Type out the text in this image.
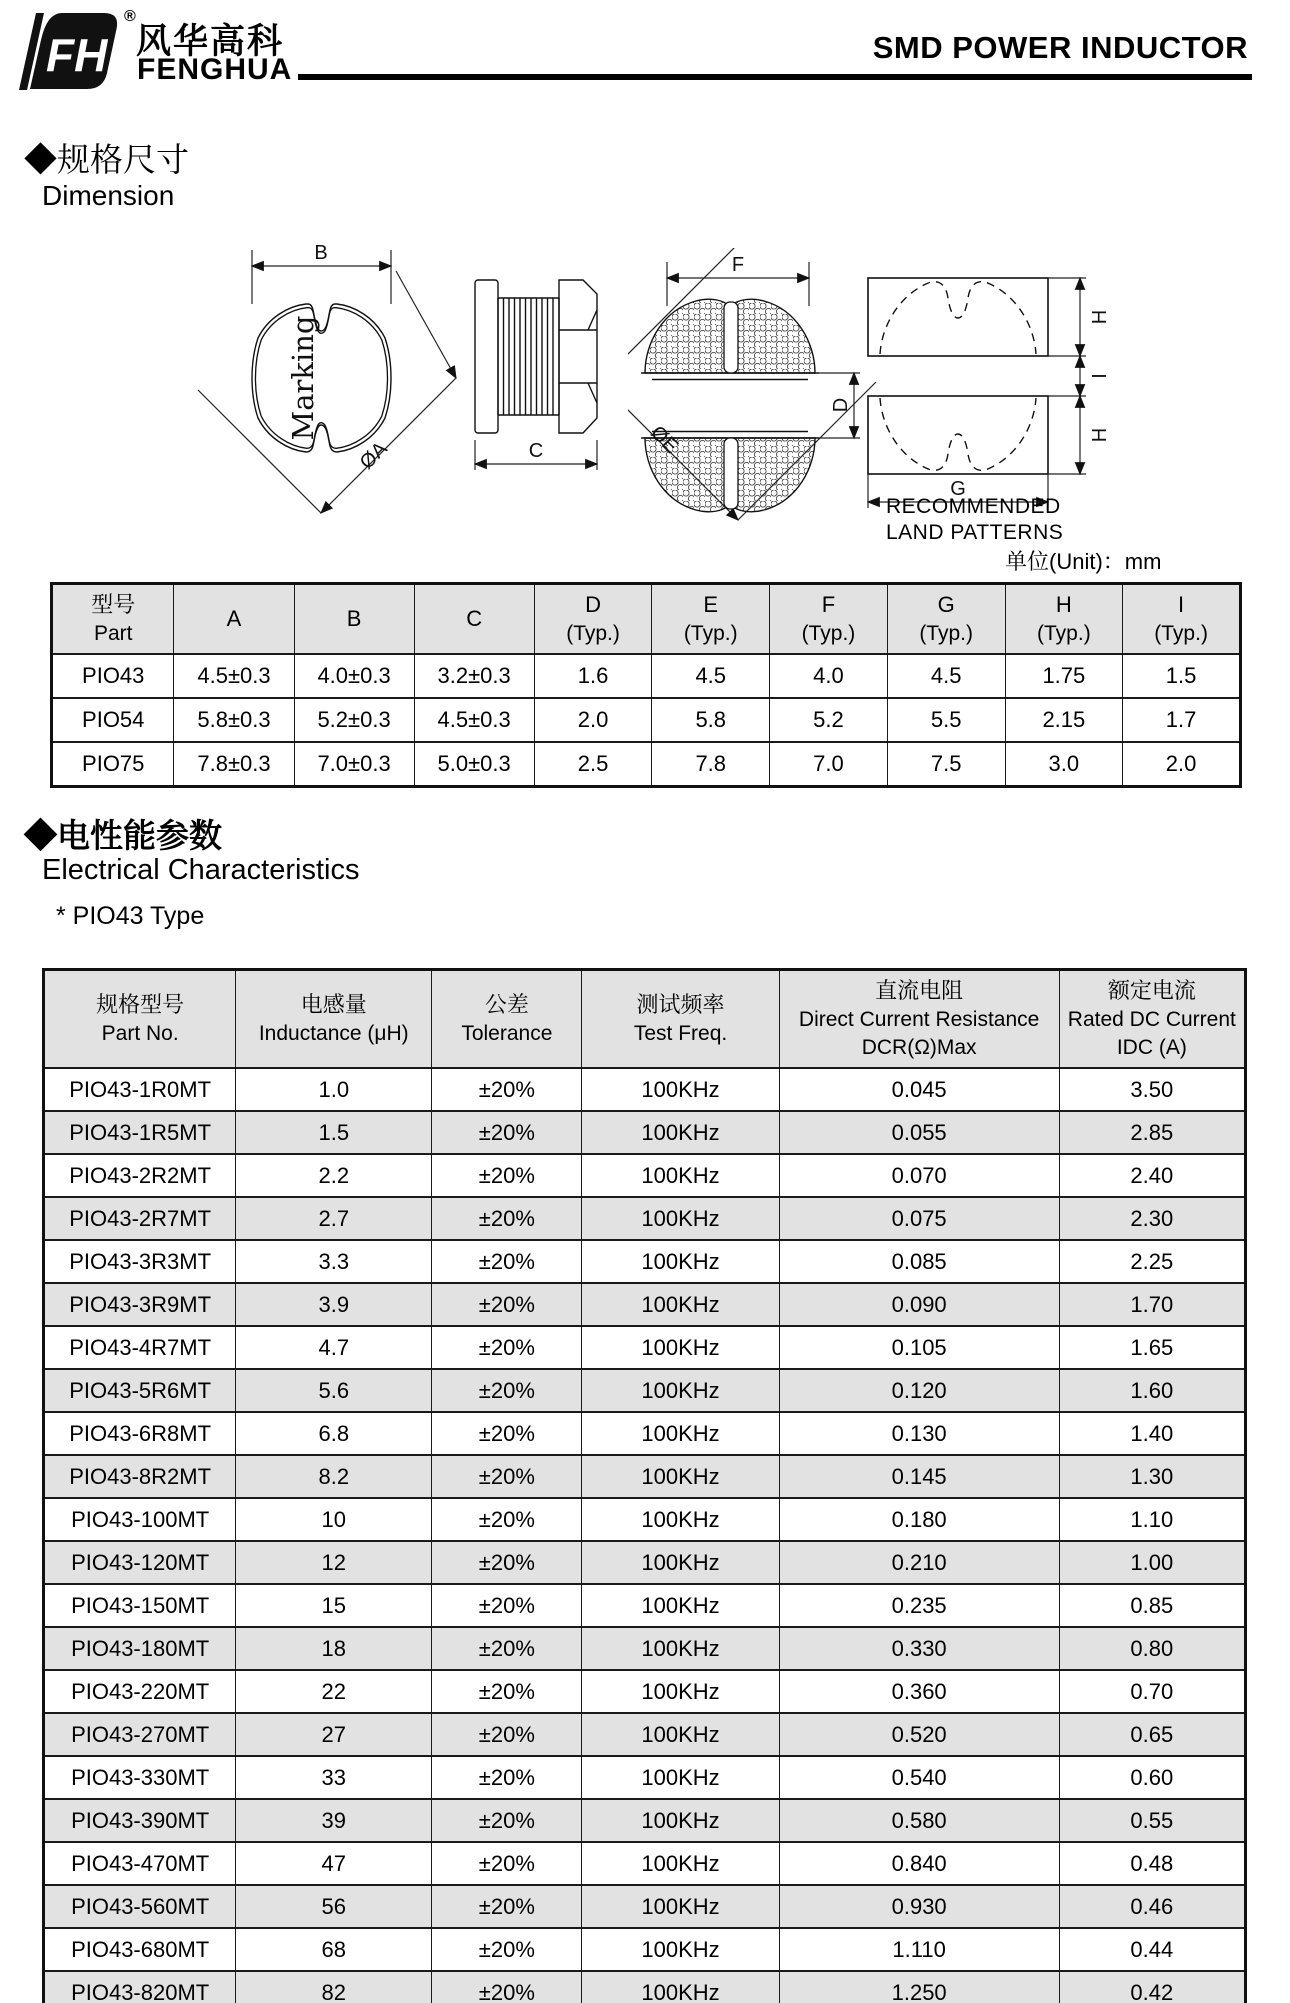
FH
®
风华高科
FENGHUA
SMD POWER INDUCTOR
◆规格尺寸
Dimension
B
Marking
ØA	C
F
D
ØE
H
I
H
G
RECOMMENDED
LAND PATTERNS
单位(Unit)：mm
型号
Part

A	B	C

D
(Typ.)

E
(Typ.)

F
(Typ.)

G
(Typ.)

H
(Typ.)

I
(Typ.)

PIO43	4.5±0.3	4.0±0.3	3.2±0.3	1.6	4.5	4.0	4.5	1.75	1.5
PIO54	5.8±0.3	5.2±0.3	4.5±0.3	2.0	5.8	5.2	5.5	2.15	1.7
PIO75	7.8±0.3	7.0±0.3	5.0±0.3	2.5	7.8	7.0	7.5	3.0	2.0
◆电性能参数
Electrical Characteristics
* PIO43 Type
规格型号
Part No.

电感量
Inductance (μH)

公差
Tolerance

测试频率
Test Freq.

直流电阻
Direct Current Resistance
DCR(Ω)Max

额定电流
Rated DC Current
IDC (A)

PIO43-1R0MT	1.0	±20%	100KHz	0.045	3.50
PIO43-1R5MT	1.5	±20%	100KHz	0.055	2.85
PIO43-2R2MT	2.2	±20%	100KHz	0.070	2.40
PIO43-2R7MT	2.7	±20%	100KHz	0.075	2.30
PIO43-3R3MT	3.3	±20%	100KHz	0.085	2.25
PIO43-3R9MT	3.9	±20%	100KHz	0.090	1.70
PIO43-4R7MT	4.7	±20%	100KHz	0.105	1.65
PIO43-5R6MT	5.6	±20%	100KHz	0.120	1.60
PIO43-6R8MT	6.8	±20%	100KHz	0.130	1.40
PIO43-8R2MT	8.2	±20%	100KHz	0.145	1.30
PIO43-100MT	10	±20%	100KHz	0.180	1.10
PIO43-120MT	12	±20%	100KHz	0.210	1.00
PIO43-150MT	15	±20%	100KHz	0.235	0.85
PIO43-180MT	18	±20%	100KHz	0.330	0.80
PIO43-220MT	22	±20%	100KHz	0.360	0.70
PIO43-270MT	27	±20%	100KHz	0.520	0.65
PIO43-330MT	33	±20%	100KHz	0.540	0.60
PIO43-390MT	39	±20%	100KHz	0.580	0.55
PIO43-470MT	47	±20%	100KHz	0.840	0.48
PIO43-560MT	56	±20%	100KHz	0.930	0.46
PIO43-680MT	68	±20%	100KHz	1.110	0.44
PIO43-820MT	82	±20%	100KHz	1.250	0.42
